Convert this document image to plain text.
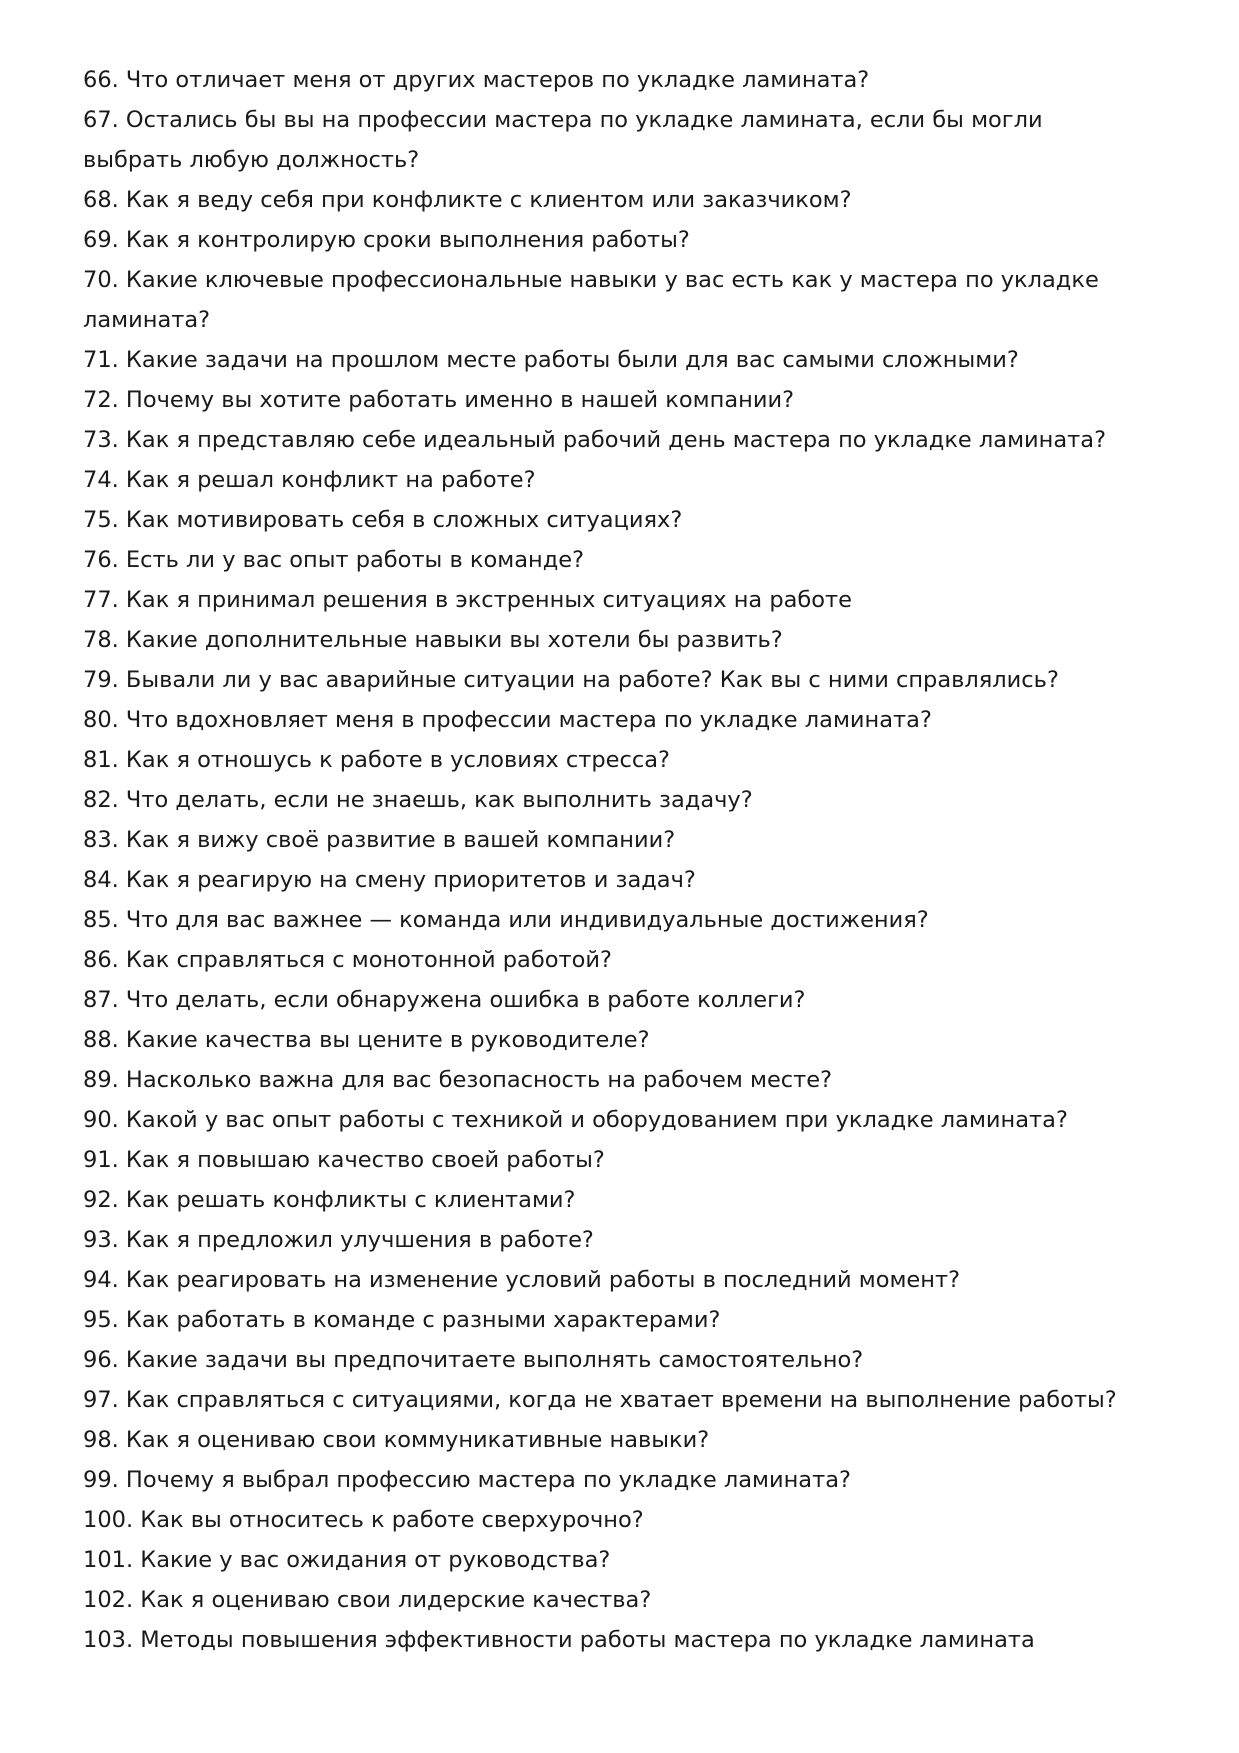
66. Что отличает меня от других мастеров по укладке ламината?
67. Остались бы вы на профессии мастера по укладке ламината, если бы могли выбрать любую должность?
68. Как я веду себя при конфликте с клиентом или заказчиком?
69. Как я контролирую сроки выполнения работы?
70. Какие ключевые профессиональные навыки у вас есть как у мастера по укладке ламината?
71. Какие задачи на прошлом месте работы были для вас самыми сложными?
72. Почему вы хотите работать именно в нашей компании?
73. Как я представляю себе идеальный рабочий день мастера по укладке ламината?
74. Как я решал конфликт на работе?
75. Как мотивировать себя в сложных ситуациях?
76. Есть ли у вас опыт работы в команде?
77. Как я принимал решения в экстренных ситуациях на работе
78. Какие дополнительные навыки вы хотели бы развить?
79. Бывали ли у вас аварийные ситуации на работе? Как вы с ними справлялись?
80. Что вдохновляет меня в профессии мастера по укладке ламината?
81. Как я отношусь к работе в условиях стресса?
82. Что делать, если не знаешь, как выполнить задачу?
83. Как я вижу своё развитие в вашей компании?
84. Как я реагирую на смену приоритетов и задач?
85. Что для вас важнее — команда или индивидуальные достижения?
86. Как справляться с монотонной работой?
87. Что делать, если обнаружена ошибка в работе коллеги?
88. Какие качества вы цените в руководителе?
89. Насколько важна для вас безопасность на рабочем месте?
90. Какой у вас опыт работы с техникой и оборудованием при укладке ламината?
91. Как я повышаю качество своей работы?
92. Как решать конфликты с клиентами?
93. Как я предложил улучшения в работе?
94. Как реагировать на изменение условий работы в последний момент?
95. Как работать в команде с разными характерами?
96. Какие задачи вы предпочитаете выполнять самостоятельно?
97. Как справляться с ситуациями, когда не хватает времени на выполнение работы?
98. Как я оцениваю свои коммуникативные навыки?
99. Почему я выбрал профессию мастера по укладке ламината?
100. Как вы относитесь к работе сверхурочно?
101. Какие у вас ожидания от руководства?
102. Как я оцениваю свои лидерские качества?
103. Методы повышения эффективности работы мастера по укладке ламината
